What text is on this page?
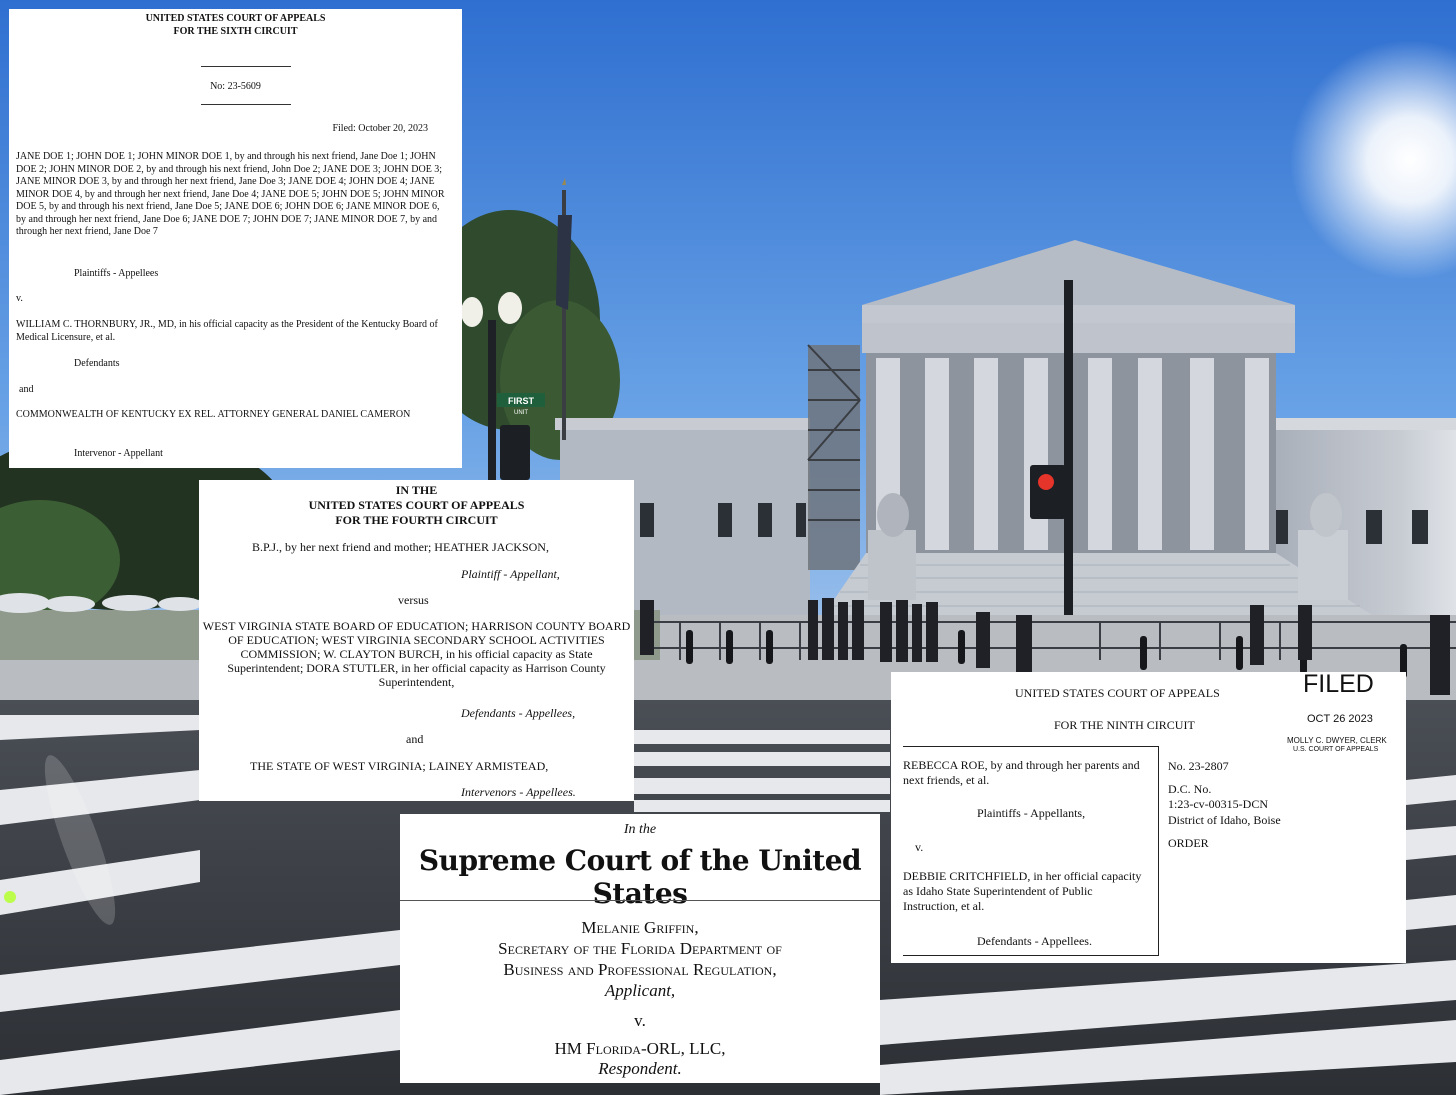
FIRST
UNIT
UNITED STATES COURT OF APPEALS
FOR THE SIXTH CIRCUIT
No: 23-5609
Filed: October 20, 2023
JANE DOE 1; JOHN DOE 1; JOHN MINOR DOE 1, by and through his next friend, Jane Doe 1; JOHN DOE 2; JOHN MINOR DOE 2, by and through his next friend, John Doe 2; JANE DOE 3; JOHN DOE 3; JANE MINOR DOE 3, by and through her next friend, Jane Doe 3; JANE DOE 4; JOHN DOE 4; JANE MINOR DOE 4, by and through her next friend, Jane Doe 4; JANE DOE 5; JOHN DOE 5; JOHN MINOR DOE 5, by and through his next friend, Jane Doe 5; JANE DOE 6; JOHN DOE 6; JANE MINOR DOE 6, by and through her next friend, Jane Doe 6; JANE DOE 7; JOHN DOE 7; JANE MINOR DOE 7, by and through her next friend, Jane Doe 7
Plaintiffs - Appellees
v.
WILLIAM C. THORNBURY, JR., MD, in his official capacity as the President of the Kentucky Board of Medical Licensure, et al.
Defendants
and
COMMONWEALTH OF KENTUCKY EX REL. ATTORNEY GENERAL DANIEL CAMERON
Intervenor - Appellant
IN THE
UNITED STATES COURT OF APPEALS
FOR THE FOURTH CIRCUIT
B.P.J., by her next friend and mother; HEATHER JACKSON,
Plaintiff - Appellant,
versus
WEST VIRGINIA STATE BOARD OF EDUCATION; HARRISON COUNTY BOARD OF EDUCATION; WEST VIRGINIA SECONDARY SCHOOL ACTIVITIES COMMISSION; W. CLAYTON BURCH, in his official capacity as State Superintendent; DORA STUTLER, in her official capacity as Harrison County Superintendent,
Defendants - Appellees,
and
THE STATE OF WEST VIRGINIA; LAINEY ARMISTEAD,
Intervenors - Appellees.
In the
Supreme Court of the United States
Melanie Griffin,
Secretary of the Florida Department of
Business and Professional Regulation,
Applicant,
v.
HM Florida-ORL, LLC,
Respondent.
UNITED STATES COURT OF APPEALS
FOR THE NINTH CIRCUIT
FILED
OCT 26 2023
MOLLY C. DWYER, CLERK
U.S. COURT OF APPEALS
REBECCA ROE, by and through her parents and next friends, et al.
Plaintiffs - Appellants,
v.
DEBBIE CRITCHFIELD, in her official capacity as Idaho State Superintendent of Public Instruction, et al.
Defendants - Appellees.
No. 23-2807
D.C. No.
1:23-cv-00315-DCN
District of Idaho, Boise
ORDER
